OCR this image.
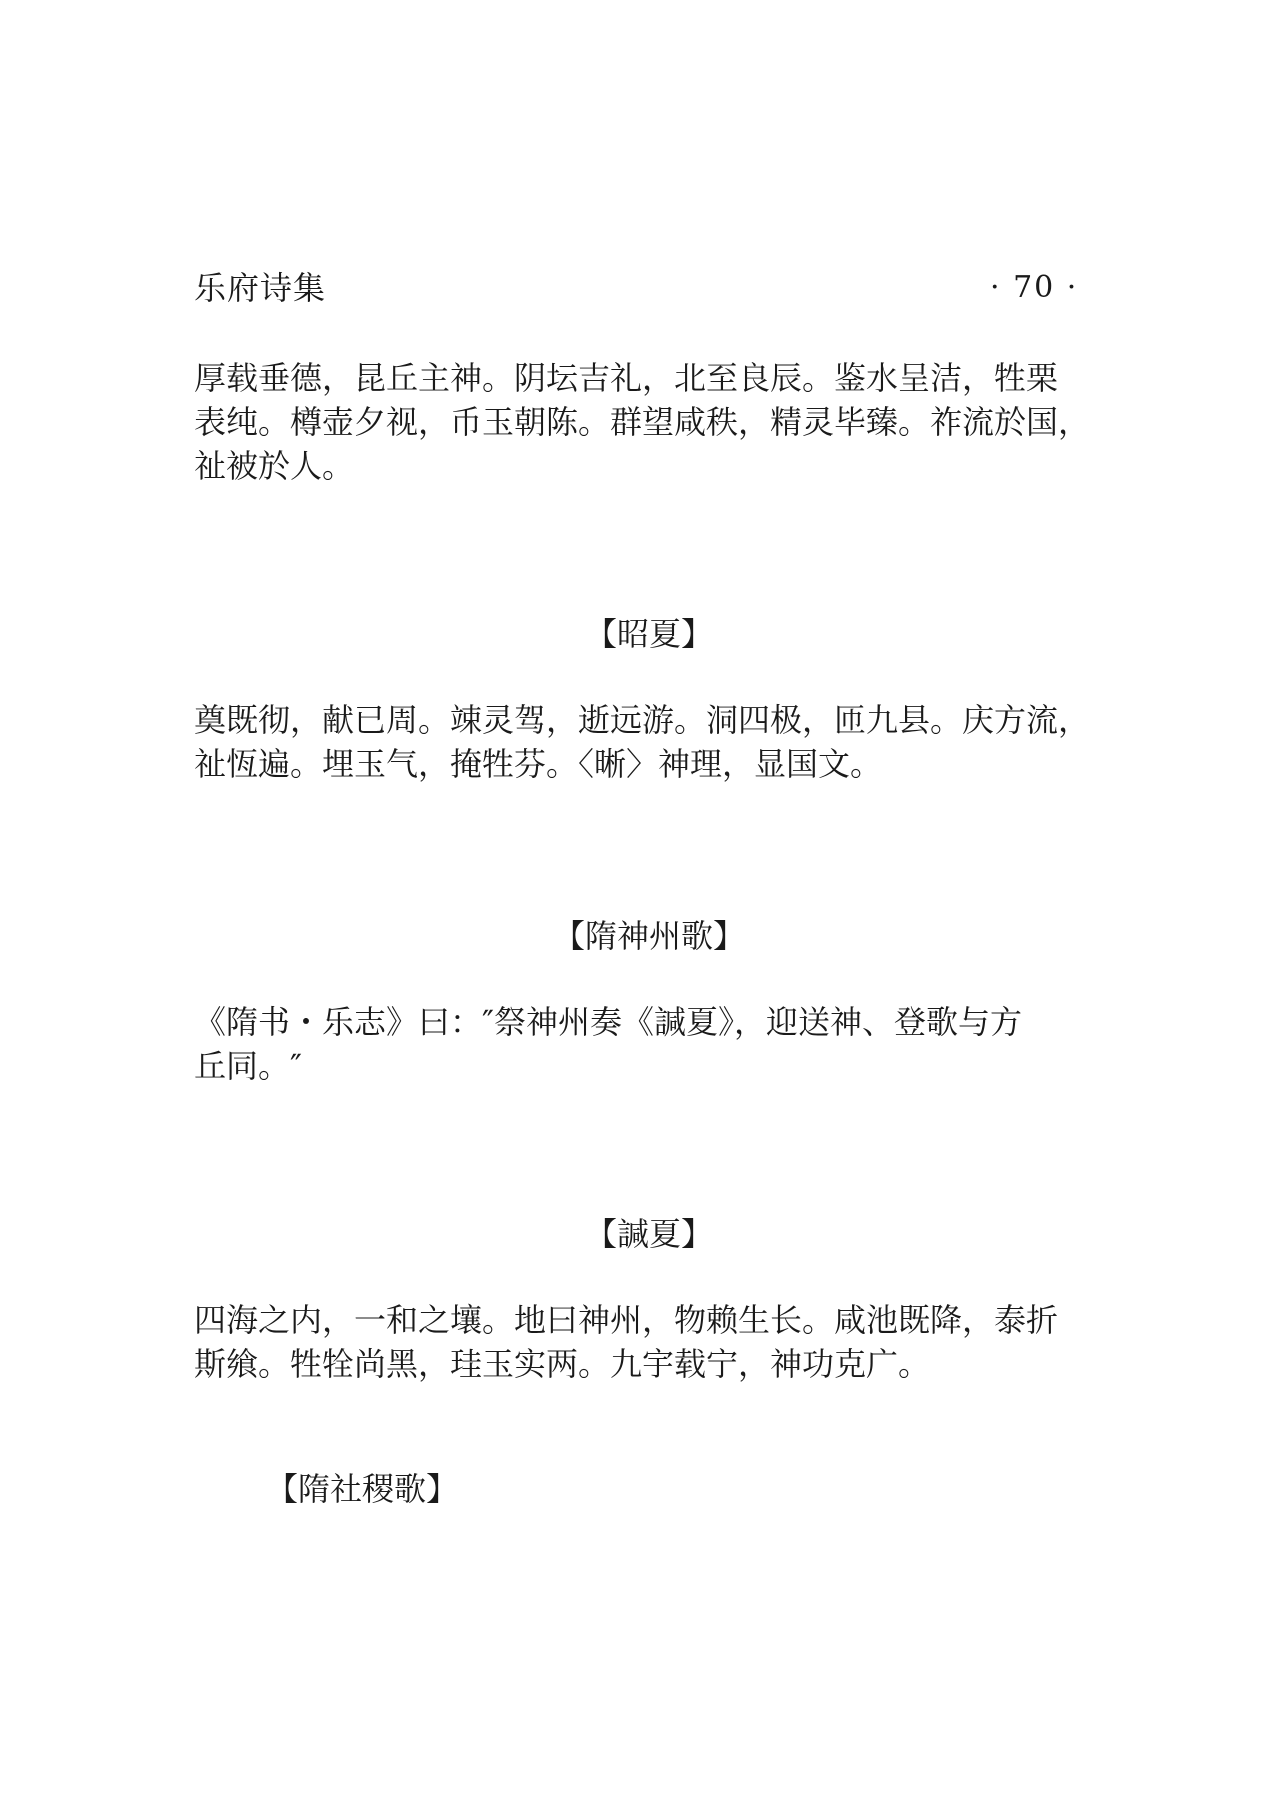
乐府诗集	· 70 ·

厚载垂德，昆丘主神。阴坛吉礼，北至良辰。鉴水呈洁，牲栗
表纯。樽壶夕视，币玉朝陈。群望咸秩，精灵毕臻。祚流於国，
祉被於人。

【昭夏】

奠既彻，献已周。竦灵驾，逝远游。洞四极，匝九县。庆方流，
祉恆遍。埋玉气，掩牲芬。〈晰〉神理，显国文。

【隋神州歌】

《隋书・乐志》曰：″祭神州奏《諴夏》，迎送神、登歌与方
丘同。″

【諴夏】

四海之内，一和之壤。地曰神州，物赖生长。咸池既降，泰折
斯飨。牲牷尚黑，珪玉实两。九宇载宁，神功克广。

【隋社稷歌】
